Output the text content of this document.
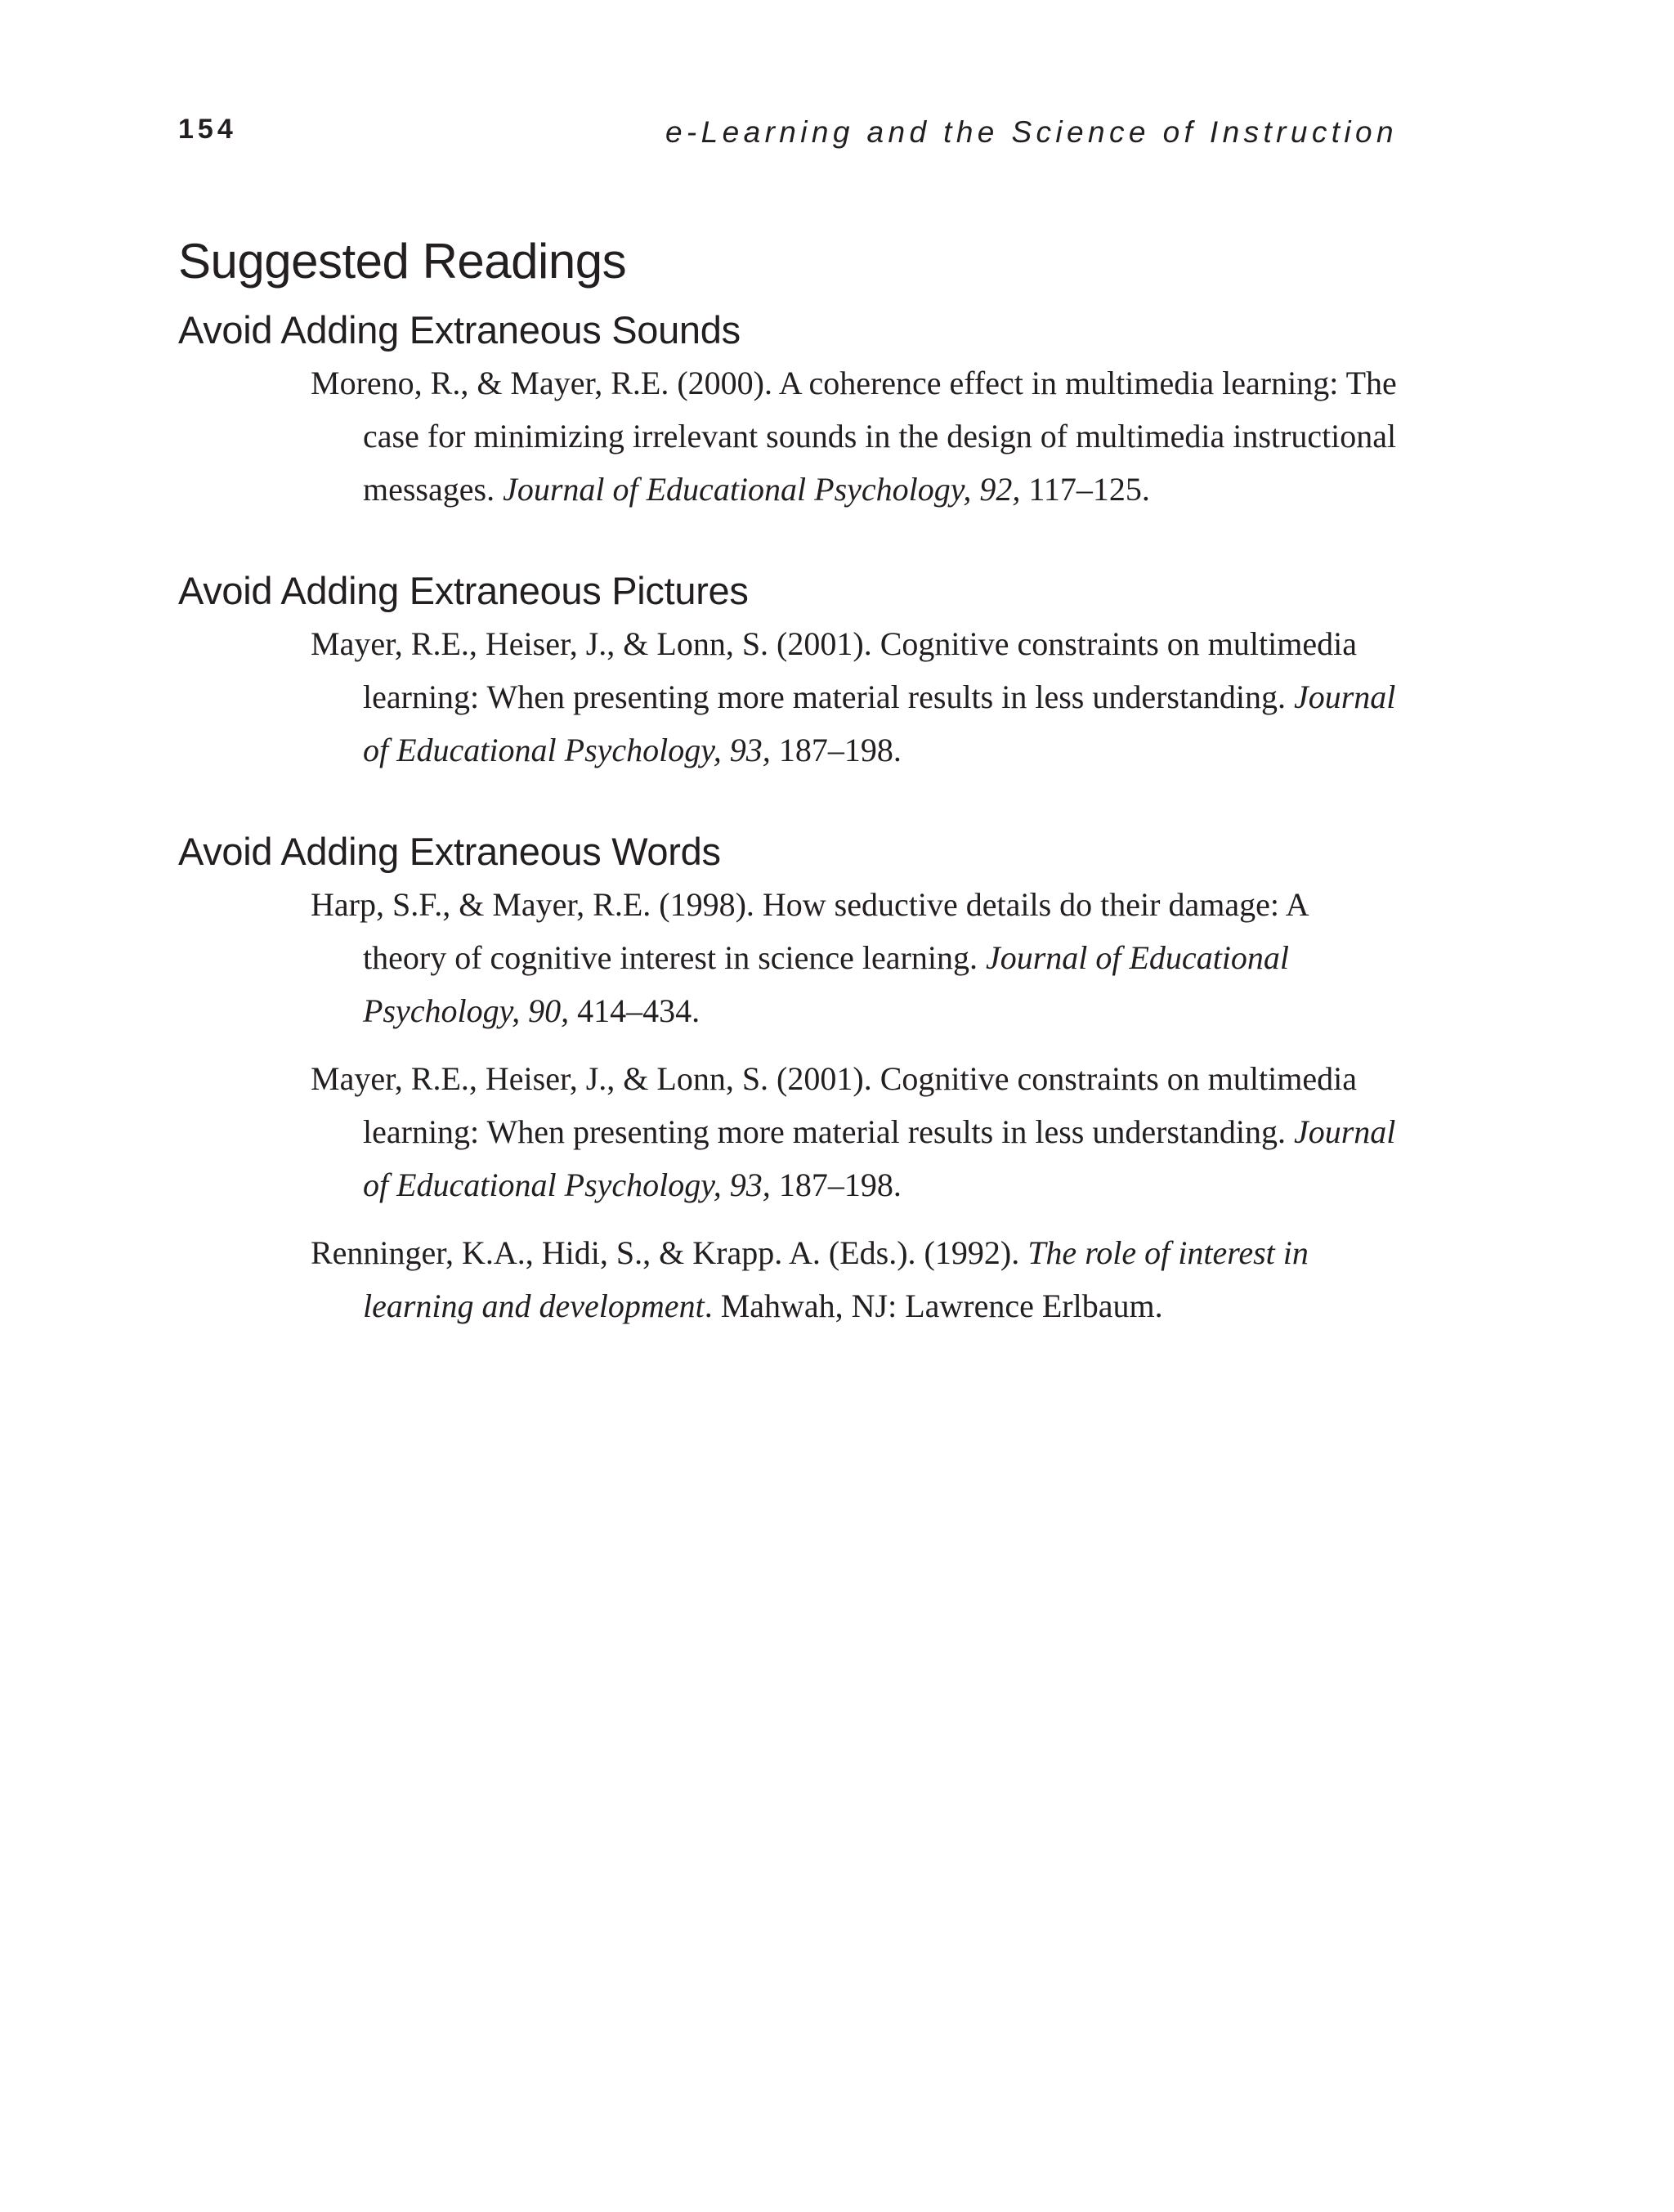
154	e-Learning and the Science of Instruction
Suggested Readings
Avoid Adding Extraneous Sounds
Moreno, R., & Mayer, R.E. (2000). A coherence effect in multimedia learning: The case for minimizing irrelevant sounds in the design of multimedia instructional messages. Journal of Educational Psychology, 92, 117–125.
Avoid Adding Extraneous Pictures
Mayer, R.E., Heiser, J., & Lonn, S. (2001). Cognitive constraints on multimedia learning: When presenting more material results in less understanding. Journal of Educational Psychology, 93, 187–198.
Avoid Adding Extraneous Words
Harp, S.F., & Mayer, R.E. (1998). How seductive details do their damage: A theory of cognitive interest in science learning. Journal of Educational Psychology, 90, 414–434.
Mayer, R.E., Heiser, J., & Lonn, S. (2001). Cognitive constraints on multimedia learning: When presenting more material results in less understanding. Journal of Educational Psychology, 93, 187–198.
Renninger, K.A., Hidi, S., & Krapp. A. (Eds.). (1992). The role of interest in learning and development. Mahwah, NJ: Lawrence Erlbaum.
